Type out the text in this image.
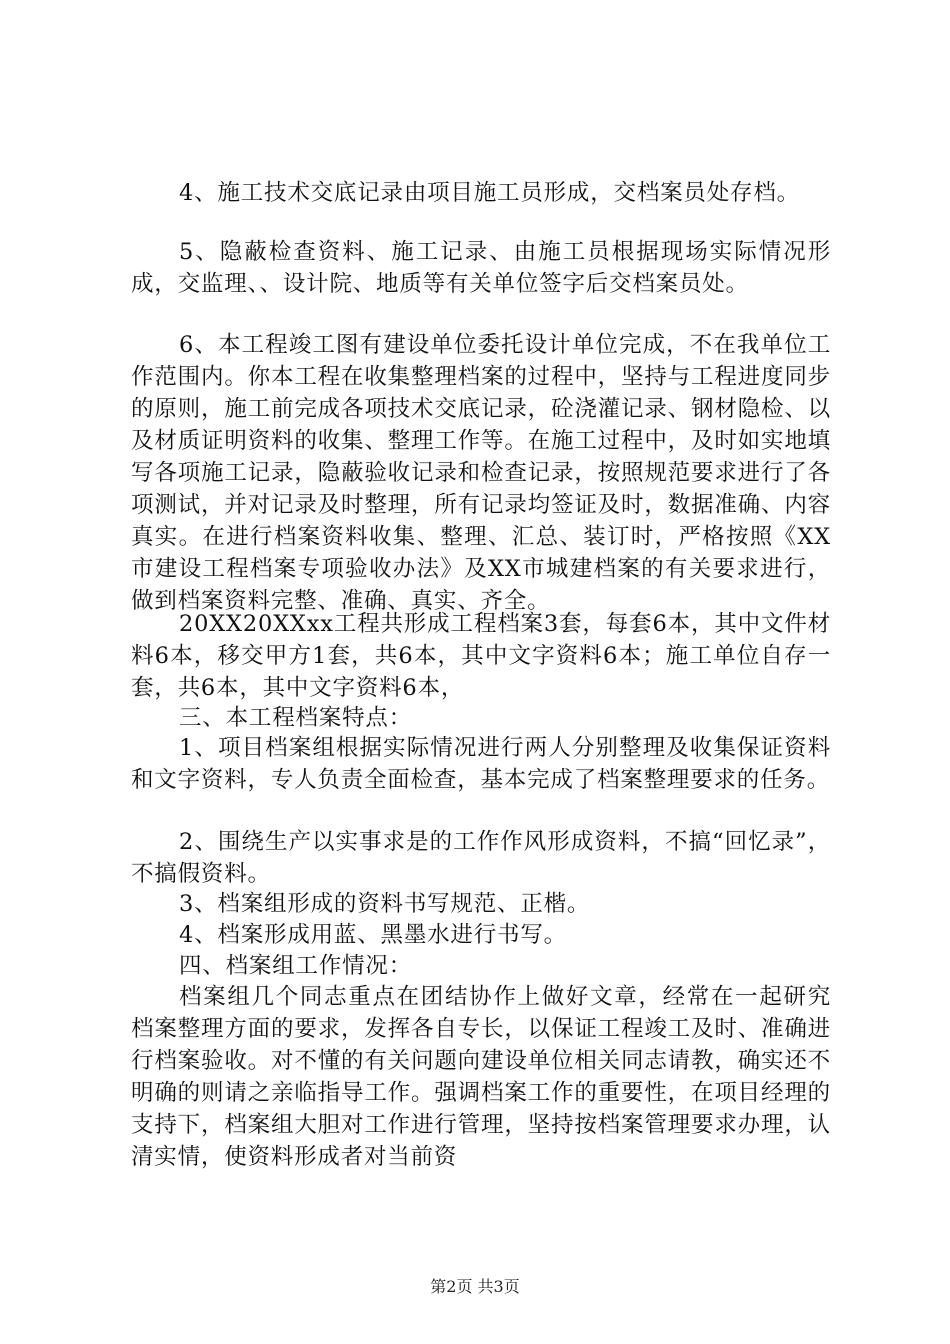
4、施工技术交底记录由项目施工员形成，交档案员处存档。

5、隐蔽检查资料、施工记录、由施工员根据现场实际情况形成，交监理、、设计院、地质等有关单位签字后交档案员处。

6、本工程竣工图有建设单位委托设计单位完成，不在我单位工作范围内。你本工程在收集整理档案的过程中，坚持与工程进度同步的原则，施工前完成各项技术交底记录，砼浇灌记录、钢材隐检、以及材质证明资料的收集、整理工作等。在施工过程中，及时如实地填写各项施工记录，隐蔽验收记录和检查记录，按照规范要求进行了各项测试，并对记录及时整理，所有记录均签证及时，数据准确、内容真实。在进行档案资料收集、整理、汇总、装订时，严格按照《XX市建设工程档案专项验收办法》及XX市城建档案的有关要求进行，做到档案资料完整、准确、真实、齐全。

20XX20XXxx工程共形成工程档案3套，每套6本，其中文件材料6本，移交甲方1套，共6本，其中文字资料6本；施工单位自存一套，共6本，其中文字资料6本，

三、本工程档案特点：

1、项目档案组根据实际情况进行两人分别整理及收集保证资料和文字资料，专人负责全面检查，基本完成了档案整理要求的任务。

2、围绕生产以实事求是的工作作风形成资料，不搞“回忆录”，不搞假资料。

3、档案组形成的资料书写规范、正楷。

4、档案形成用蓝、黑墨水进行书写。

四、档案组工作情况：

档案组几个同志重点在团结协作上做好文章，经常在一起研究档案整理方面的要求，发挥各自专长，以保证工程竣工及时、准确进行档案验收。对不懂的有关问题向建设单位相关同志请教，确实还不明确的则请之亲临指导工作。强调档案工作的重要性，在项目经理的支持下，档案组大胆对工作进行管理，坚持按档案管理要求办理，认清实情，使资料形成者对当前资

第2页 共3页
